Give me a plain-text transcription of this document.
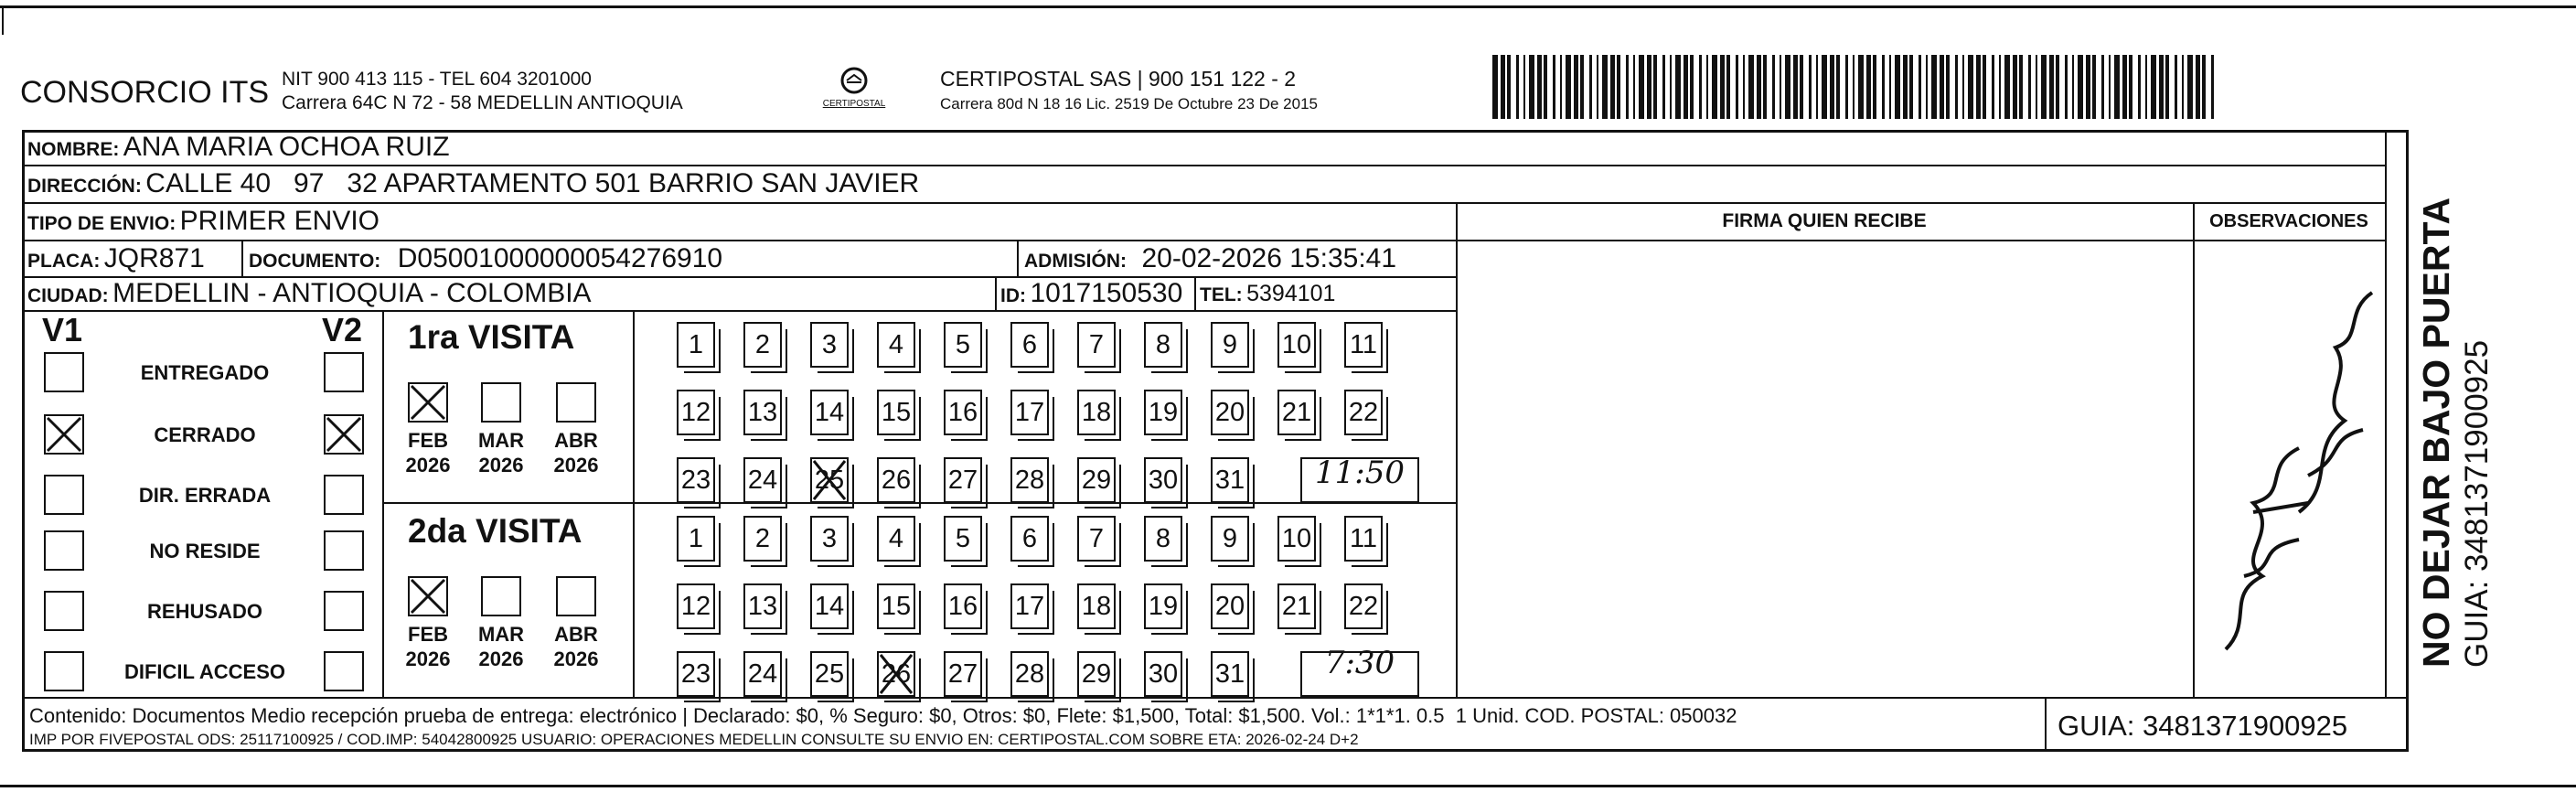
CONSORCIO ITS NIT 900 413 115 - TEL 604 3201000
Carrera 64C N 72 - 58 MEDELLIN ANTIOQUIA	CERTIPOSTAL
CERTIPOSTAL SAS | 900 151 122 - 2
Carrera 80d N 18 16 Lic. 2519 De Octubre 23 De 2015
NOMBRE: ANA MARIA OCHOA RUIZ
DIRECCIÓN: CALLE 40   97   32 APARTAMENTO 501 BARRIO SAN JAVIER
TIPO DE ENVIO: PRIMER ENVIO	FIRMA QUIEN RECIBE	OBSERVACIONES
PLACA: JQR871 DOCUMENTO: D05001000000054276910	ADMISIÓN: 20-02-2026 15:35:41
CIUDAD: MEDELLIN - ANTIOQUIA - COLOMBIA	ID: 1017150530 TEL: 5394101
V1	V2
ENTREGADO
CERRADO
DIR. ERRADA
NO RESIDE
REHUSADO
DIFICIL ACCESO
1ra VISITA
2da VISITA
FEB
2026
MAR
2026
ABR
2026
FEB
2026
MAR
2026
ABR
2026
1	2	3	4	5	6	7	8	9	10 11
12 13 14 15 16 17 18 19 20 21 22
23 24 25 26 27 28 29 30 31
1	2	3	4	5	6	7	8	9	10 11
12 13 14 15 16 17 18 19 20 21 22
23 24 25 26 27 28 29 30 31
11:50
7:30
Contenido: Documentos Medio recepción prueba de entrega: electrónico | Declarado: $0, % Seguro: $0, Otros: $0, Flete: $1,500, Total: $1,500. Vol.: 1*1*1. 0.5  1 Unid. COD. POSTAL: 050032
IMP POR FIVEPOSTAL ODS: 25117100925 / COD.IMP: 54042800925 USUARIO: OPERACIONES MEDELLIN CONSULTE SU ENVIO EN: CERTIPOSTAL.COM SOBRE ETA: 2026-02-24 D+2	GUIA: 3481371900925
NO DEJAR BAJO PUERTA GUIA: 3481371900925
